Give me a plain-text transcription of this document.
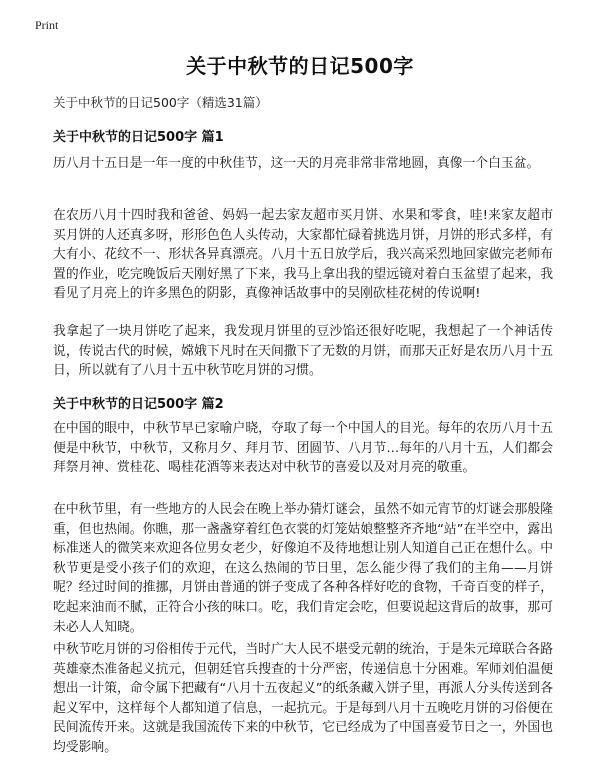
Print
关于中秋节的日记500字
关于中秋节的日记500字（精选31篇）
关于中秋节的日记500字 篇1
历八月十五日是一年一度的中秋佳节，这一天的月亮非常非常地圆，真像一个白玉盆。
在农历八月十四时我和爸爸、妈妈一起去家友超市买月饼、水果和零食，哇!来家友超市买月饼的人还真多呀，形形色色人头传动，大家都忙碌着挑选月饼，月饼的形式多样，有大有小、花纹不一、形状各异真漂亮。八月十五日放学后，我兴高采烈地回家做完老师布置的作业，吃完晚饭后天刚好黑了下来，我马上拿出我的望远镜对着白玉盆望了起来，我看见了月亮上的许多黑色的阴影，真像神话故事中的吴刚砍桂花树的传说啊!
我拿起了一块月饼吃了起来，我发现月饼里的豆沙馅还很好吃呢，我想起了一个神话传说，传说古代的时候，嫦娥下凡时在天间撒下了无数的月饼，而那天正好是农历八月十五日，所以就有了八月十五中秋节吃月饼的习惯。
关于中秋节的日记500字 篇2
在中国的眼中，中秋节早已家喻户晓，夺取了每一个中国人的目光。每年的农历八月十五便是中秋节，中秋节，又称月夕、拜月节、团圆节、八月节…每年的八月十五，人们都会拜祭月神、赏桂花、喝桂花酒等来表达对中秋节的喜爱以及对月亮的敬重。
在中秋节里，有一些地方的人民会在晚上举办猜灯谜会，虽然不如元宵节的灯谜会那般隆重，但也热闹。你瞧，那一盏盏穿着红色衣裳的灯笼姑娘整整齐齐地“站”在半空中，露出标准迷人的微笑来欢迎各位男女老少，好像迫不及待地想让别人知道自己正在想什么。中秋节更是受小孩子们的欢迎，在这么热闹的节日里，怎么能少得了我们的主角——月饼呢？经过时间的推挪，月饼由普通的饼子变成了各种各样好吃的食物，千奇百变的样子，吃起来油而不腻，正符合小孩的味口。吃，我们肯定会吃，但要说起这背后的故事，那可未必人人知晓。
中秋节吃月饼的习俗相传于元代，当时广大人民不堪受元朝的统治，于是朱元璋联合各路英雄豪杰准备起义抗元，但朝廷官兵搜查的十分严密，传递信息十分困难。军师刘伯温便想出一计策，命令属下把藏有“八月十五夜起义”的纸条藏入饼子里，再派人分头传送到各起义军中，这样每个人都知道了信息，一起抗元。于是每到八月十五晚吃月饼的习俗便在民间流传开来。这就是我国流传下来的中秋节，它已经成为了中国喜爱节日之一，外国也均受影响。
